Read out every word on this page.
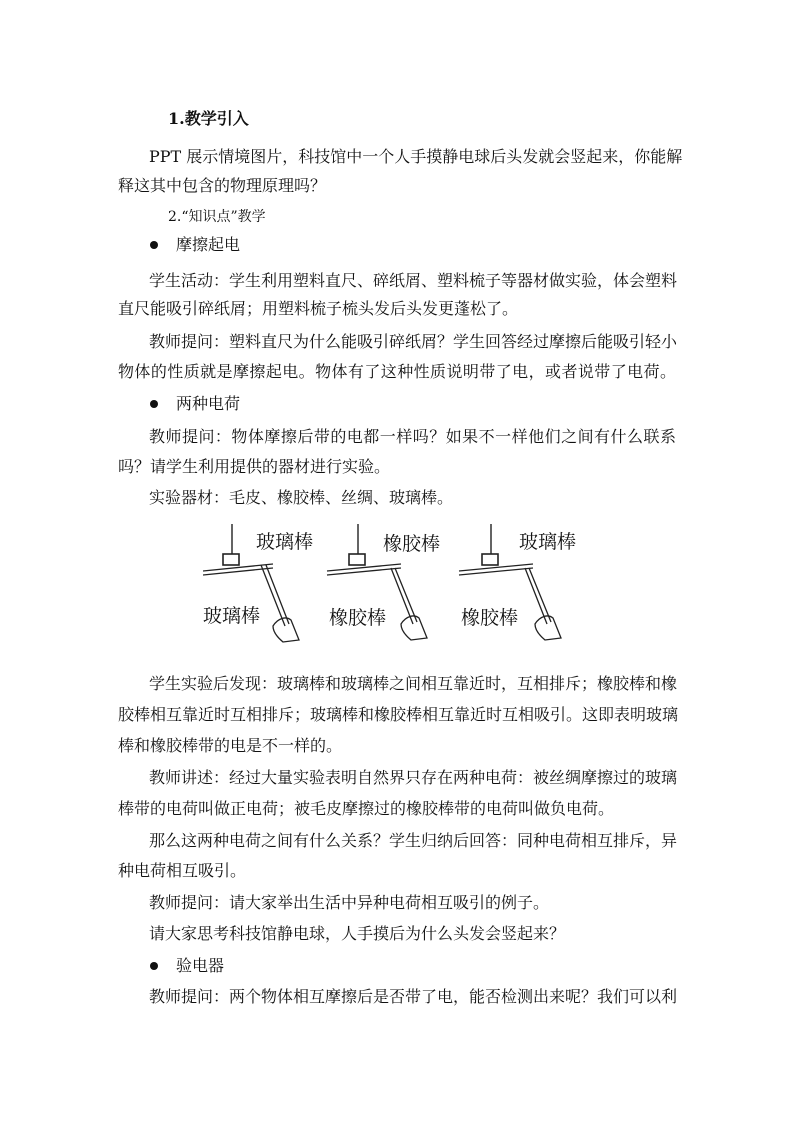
1.教学引入
PPT 展示情境图片，科技馆中一个人手摸静电球后头发就会竖起来，你能解
释这其中包含的物理原理吗？
2.“知识点”教学
摩擦起电
学生活动：学生利用塑料直尺、碎纸屑、塑料梳子等器材做实验，体会塑料
直尺能吸引碎纸屑；用塑料梳子梳头发后头发更蓬松了。
教师提问：塑料直尺为什么能吸引碎纸屑？学生回答经过摩擦后能吸引轻小
物体的性质就是摩擦起电。物体有了这种性质说明带了电，或者说带了电荷。
两种电荷
教师提问：物体摩擦后带的电都一样吗？如果不一样他们之间有什么联系
吗？请学生利用提供的器材进行实验。
实验器材：毛皮、橡胶棒、丝绸、玻璃棒。
玻璃棒
玻璃棒
橡胶棒
橡胶棒
玻璃棒
橡胶棒
学生实验后发现：玻璃棒和玻璃棒之间相互靠近时，互相排斥；橡胶棒和橡
胶棒相互靠近时互相排斥；玻璃棒和橡胶棒相互靠近时互相吸引。这即表明玻璃
棒和橡胶棒带的电是不一样的。
教师讲述：经过大量实验表明自然界只存在两种电荷：被丝绸摩擦过的玻璃
棒带的电荷叫做正电荷；被毛皮摩擦过的橡胶棒带的电荷叫做负电荷。
那么这两种电荷之间有什么关系？学生归纳后回答：同种电荷相互排斥，异
种电荷相互吸引。
教师提问：请大家举出生活中异种电荷相互吸引的例子。
请大家思考科技馆静电球，人手摸后为什么头发会竖起来？
验电器
教师提问：两个物体相互摩擦后是否带了电，能否检测出来呢？我们可以利
